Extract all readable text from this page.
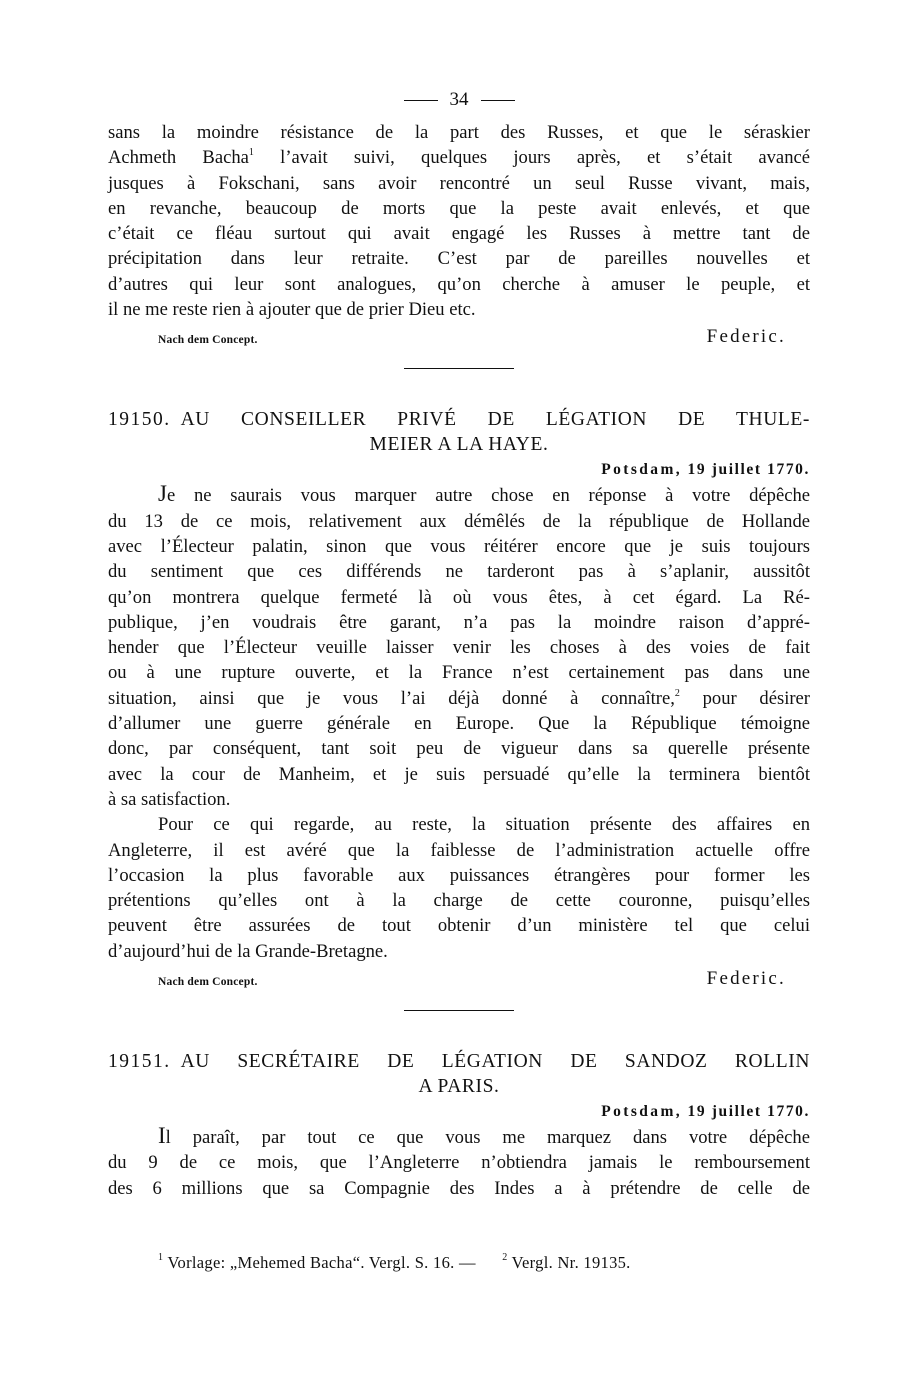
34
sans la moindre résistance de la part des Russes, et que le séraskier
Achmeth Bacha$^1$ l’avait suivi, quelques jours après, et s’était avancé
jusques à Fokschani, sans avoir rencontré un seul Russe vivant, mais,
en revanche, beaucoup de morts que la peste avait enlevés, et que
c’était ce fléau surtout qui avait engagé les Russes à mettre tant de
précipitation dans leur retraite. C’est par de pareilles nouvelles et
d’autres qui leur sont analogues, qu’on cherche à amuser le peuple, et
il ne me reste rien à ajouter que de prier Dieu etc.
Nach dem Concept.	Federic.
19150. AU CONSEILLER PRIVÉ DE LÉGATION DE THULE-
MEIER A LA HAYE.
Potsdam, 19 juillet 1770.
Je ne saurais vous marquer autre chose en réponse à votre dépêche
du 13 de ce mois, relativement aux démêlés de la république de Hollande
avec l’Électeur palatin, sinon que vous réitérer encore que je suis toujours
du sentiment que ces différends ne tarderont pas à s’aplanir, aussitôt
qu’on montrera quelque fermeté là où vous êtes, à cet égard. La Ré-
publique, j’en voudrais être garant, n’a pas la moindre raison d’appré-
hender que l’Électeur veuille laisser venir les choses à des voies de fait
ou à une rupture ouverte, et la France n’est certainement pas dans une
situation, ainsi que je vous l’ai déjà donné à connaître,$^2$ pour désirer
d’allumer une guerre générale en Europe. Que la République témoigne
donc, par conséquent, tant soit peu de vigueur dans sa querelle présente
avec la cour de Manheim, et je suis persuadé qu’elle la terminera bientôt
à sa satisfaction.
Pour ce qui regarde, au reste, la situation présente des affaires en
Angleterre, il est avéré que la faiblesse de l’administration actuelle offre
l’occasion la plus favorable aux puissances étrangères pour former les
prétentions qu’elles ont à la charge de cette couronne, puisqu’elles
peuvent être assurées de tout obtenir d’un ministère tel que celui
d’aujourd’hui de la Grande-Bretagne.
Nach dem Concept.	Federic.
19151. AU SECRÉTAIRE DE LÉGATION DE SANDOZ ROLLIN
A PARIS.
Potsdam, 19 juillet 1770.
Il paraît, par tout ce que vous me marquez dans votre dépêche
du 9 de ce mois, que l’Angleterre n’obtiendra jamais le remboursement
des 6 millions que sa Compagnie des Indes a à prétendre de celle de
$^1$ Vorlage: „Mehemed Bacha“. Vergl. S. 16. —	$^2$ Vergl. Nr. 19135.
